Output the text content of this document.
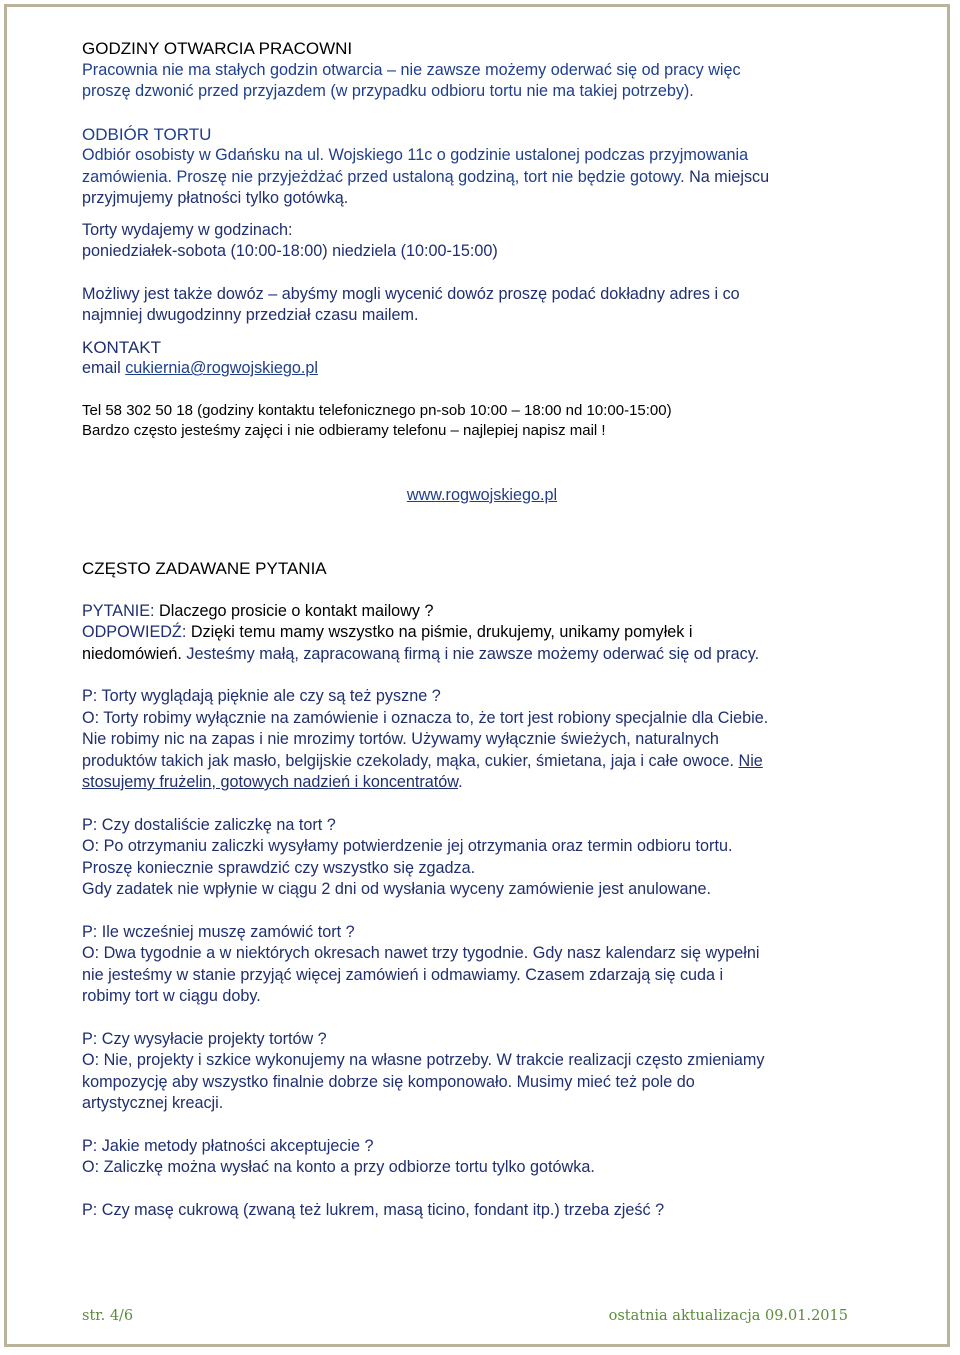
GODZINY OTWARCIA PRACOWNI

Pracownia nie ma stałych godzin otwarcia – nie zawsze możemy oderwać się od pracy więc

proszę dzwonić przed przyjazdem (w przypadku odbioru tortu nie ma takiej potrzeby).

ODBIÓR TORTU

Odbiór osobisty w Gdańsku na ul. Wojskiego 11c o godzinie ustalonej podczas przyjmowania

zamówienia. Proszę nie przyjeżdżać przed ustaloną godziną, tort nie będzie gotowy. Na miejscu

przyjmujemy płatności tylko gotówką.

Torty wydajemy w godzinach:

poniedziałek-sobota (10:00-18:00) niedziela (10:00-15:00)

Możliwy jest także dowóz – abyśmy mogli wycenić dowóz proszę podać dokładny adres i co

najmniej dwugodzinny przedział czasu mailem.

KONTAKT

email cukiernia@rogwojskiego.pl

Tel 58 302 50 18 (godziny kontaktu telefonicznego pn-sob 10:00 – 18:00 nd 10:00-15:00)

Bardzo często jesteśmy zajęci i nie odbieramy telefonu – najlepiej napisz mail !

www.rogwojskiego.pl

CZĘSTO ZADAWANE PYTANIA

PYTANIE: Dlaczego prosicie o kontakt mailowy ?

ODPOWIEDŹ: Dzięki temu mamy wszystko na piśmie, drukujemy, unikamy pomyłek i

niedomówień. Jesteśmy małą, zapracowaną firmą i nie zawsze możemy oderwać się od pracy.

P: Torty wyglądają pięknie ale czy są też pyszne ?

O: Torty robimy wyłącznie na zamówienie i oznacza to, że tort jest robiony specjalnie dla Ciebie.

Nie robimy nic na zapas i nie mrozimy tortów. Używamy wyłącznie świeżych, naturalnych

produktów takich jak masło, belgijskie czekolady, mąka, cukier, śmietana, jaja i całe owoce. Nie

stosujemy frużelin, gotowych nadzień i koncentratów.

P: Czy dostaliście zaliczkę na tort ?

O: Po otrzymaniu zaliczki wysyłamy potwierdzenie jej otrzymania oraz termin odbioru tortu.

Proszę koniecznie sprawdzić czy wszystko się zgadza.

Gdy zadatek nie wpłynie w ciągu 2 dni od wysłania wyceny zamówienie jest anulowane.

P: Ile wcześniej muszę zamówić tort ?

O: Dwa tygodnie a w niektórych okresach nawet trzy tygodnie. Gdy nasz kalendarz się wypełni

nie jesteśmy w stanie przyjąć więcej zamówień i odmawiamy. Czasem zdarzają się cuda i

robimy tort w ciągu doby.

P: Czy wysyłacie projekty tortów ?

O: Nie, projekty i szkice wykonujemy na własne potrzeby. W trakcie realizacji często zmieniamy

kompozycję aby wszystko finalnie dobrze się komponowało. Musimy mieć też pole do

artystycznej kreacji.

P: Jakie metody płatności akceptujecie ?

O: Zaliczkę można wysłać na konto a przy odbiorze tortu tylko gotówka.

P: Czy masę cukrową (zwaną też lukrem, masą ticino, fondant itp.) trzeba zjeść ?

str. 4/6	ostatnia aktualizacja 09.01.2015
